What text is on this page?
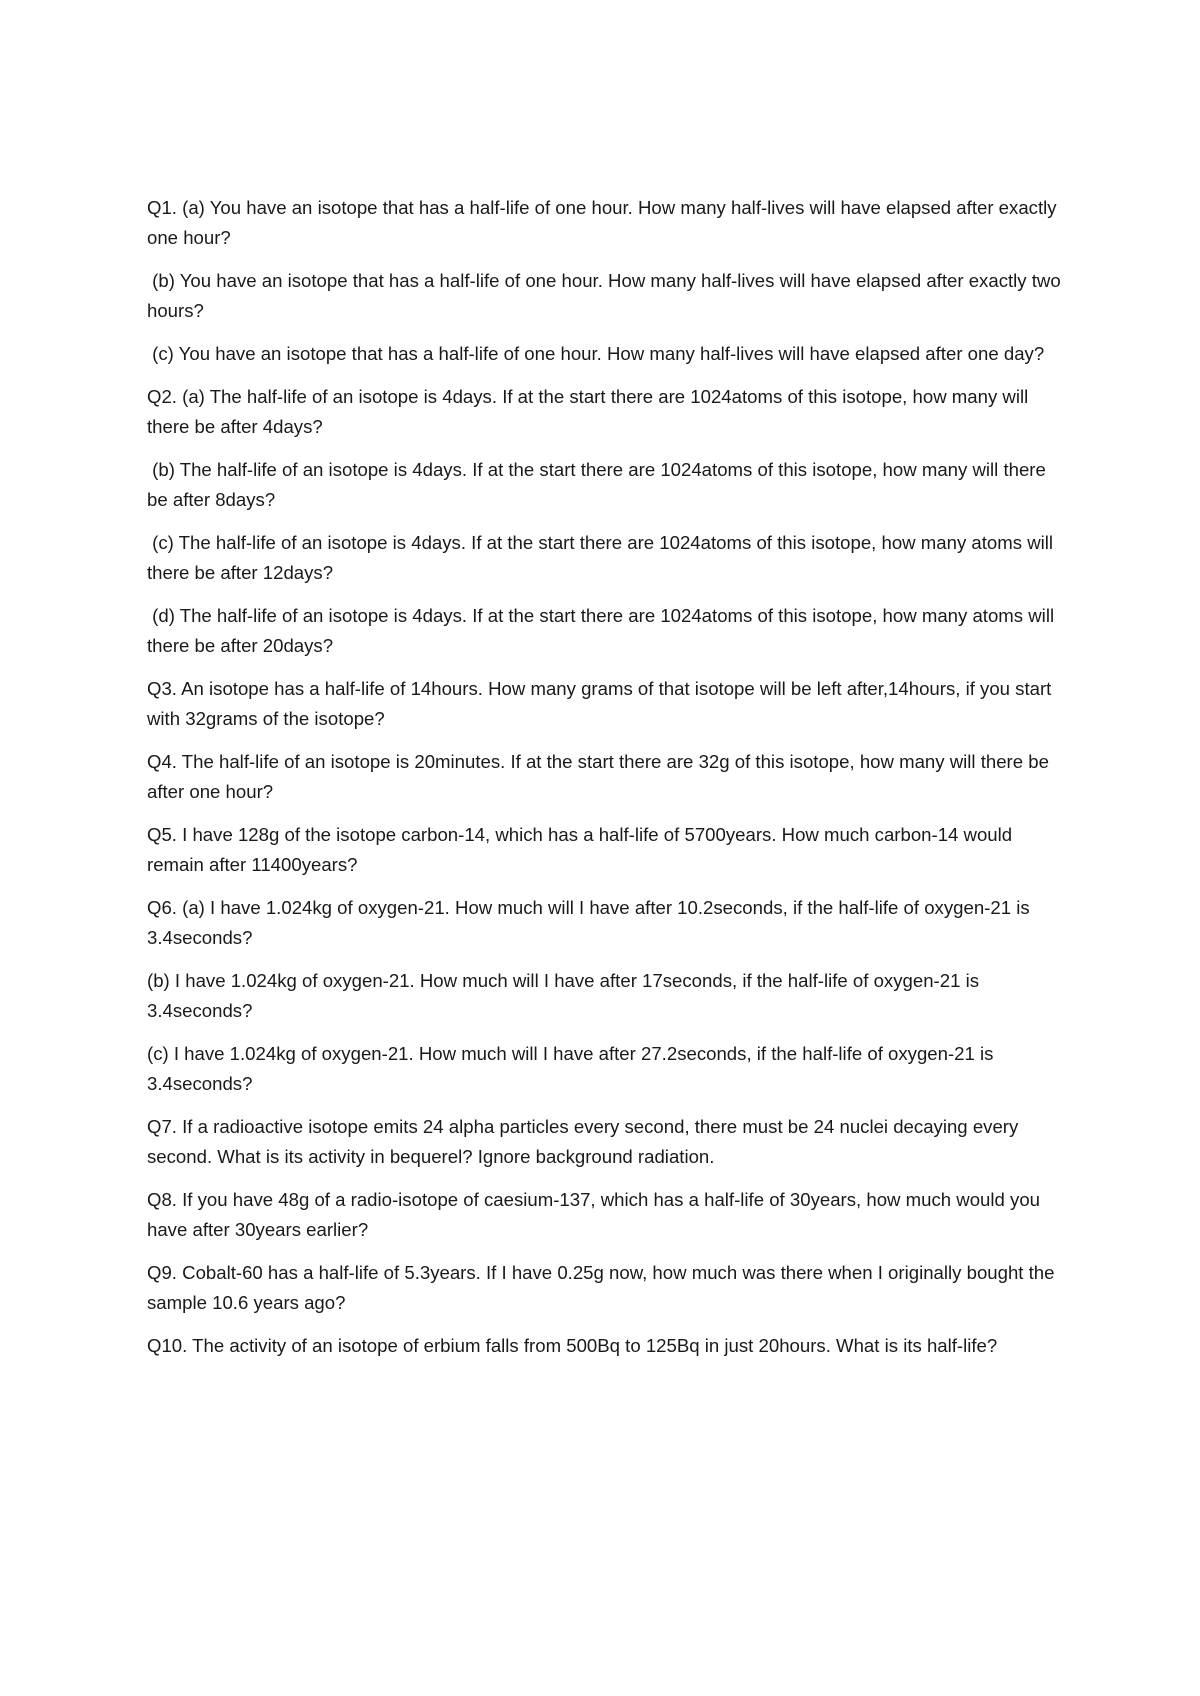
Q1. (a) You have an isotope that has a half-life of one hour. How many half-lives will have elapsed after exactly one hour?

(b) You have an isotope that has a half-life of one hour. How many half-lives will have elapsed after exactly two hours?

(c) You have an isotope that has a half-life of one hour. How many half-lives will have elapsed after one day?

Q2. (a) The half-life of an isotope is 4days. If at the start there are 1024atoms of this isotope, how many will there be after 4days?

(b) The half-life of an isotope is 4days. If at the start there are 1024atoms of this isotope, how many will there be after 8days?

(c) The half-life of an isotope is 4days. If at the start there are 1024atoms of this isotope, how many atoms will there be after 12days?

(d) The half-life of an isotope is 4days. If at the start there are 1024atoms of this isotope, how many atoms will there be after 20days?

Q3. An isotope has a half-life of 14hours. How many grams of that isotope will be left after,14hours, if you start with 32grams of the isotope?

Q4. The half-life of an isotope is 20minutes. If at the start there are 32g of this isotope, how many will there be after one hour?

Q5. I have 128g of the isotope carbon-14, which has a half-life of 5700years. How much carbon-14 would remain after 11400years?

Q6. (a) I have 1.024kg of oxygen-21. How much will I have after 10.2seconds, if the half-life of oxygen-21 is 3.4seconds?

(b) I have 1.024kg of oxygen-21. How much will I have after 17seconds, if the half-life of oxygen-21 is 3.4seconds?

(c) I have 1.024kg of oxygen-21. How much will I have after 27.2seconds, if the half-life of oxygen-21 is 3.4seconds?

Q7. If a radioactive isotope emits 24 alpha particles every second, there must be 24 nuclei decaying every second. What is its activity in bequerel? Ignore background radiation.

Q8. If you have 48g of a radio-isotope of caesium-137, which has a half-life of 30years, how much would you have after 30years earlier?

Q9. Cobalt-60 has a half-life of 5.3years. If I have 0.25g now, how much was there when I originally bought the sample 10.6 years ago?

Q10. The activity of an isotope of erbium falls from 500Bq to 125Bq in just 20hours. What is its half-life?
